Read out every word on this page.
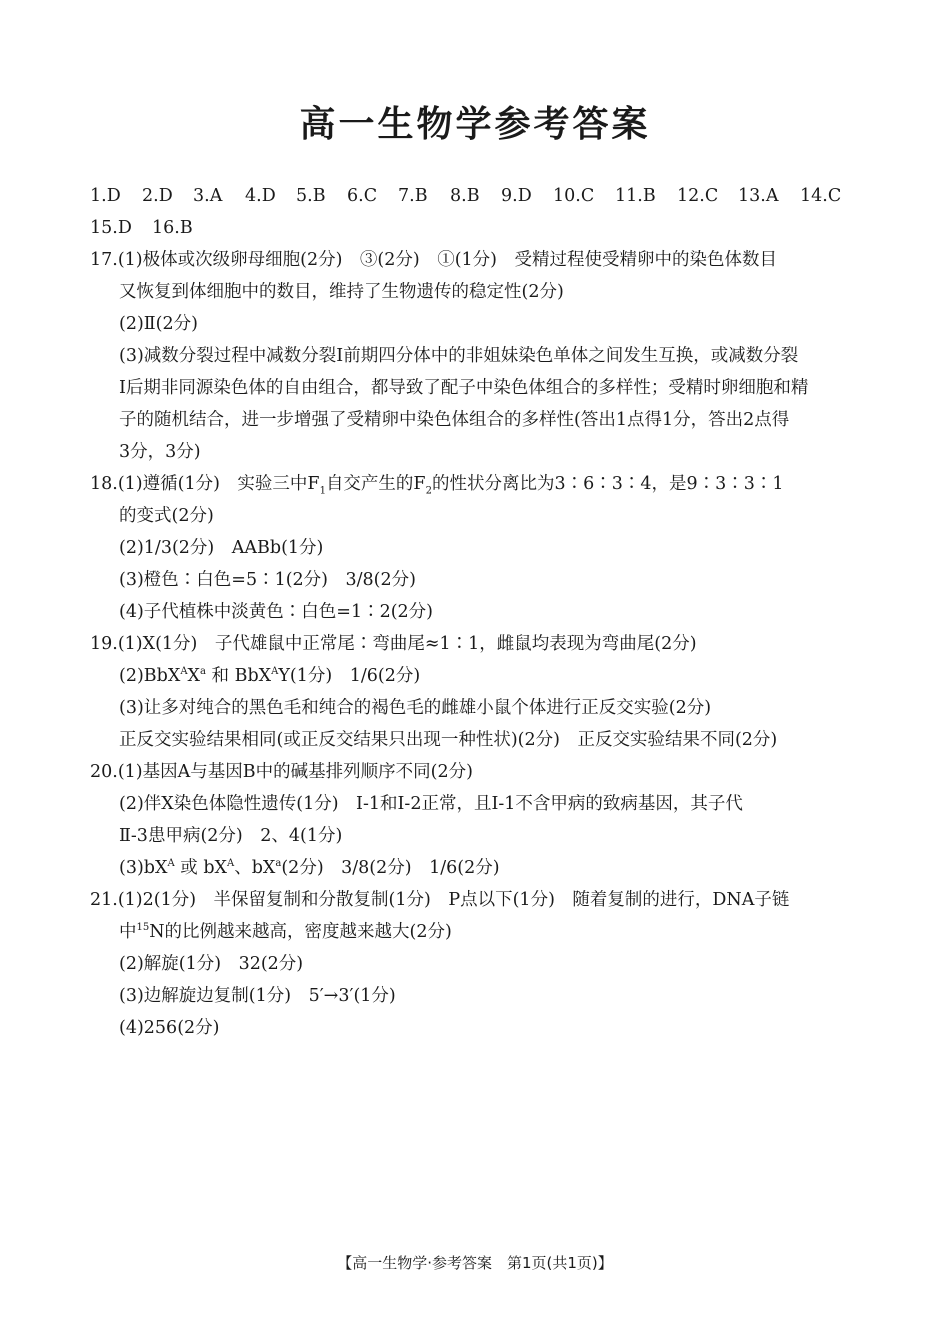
高一生物学参考答案
1.D 2.D 3.A 4.D 5.B 6.C 7.B 8.B 9.D 10.C 11.B 12.C 13.A 14.C
15.D 16.B
17.(1)极体或次级卵母细胞(2分)　③(2分)　①(1分)　受精过程使受精卵中的染色体数目
又恢复到体细胞中的数目，维持了生物遗传的稳定性(2分)
(2)Ⅱ(2分)
(3)减数分裂过程中减数分裂Ⅰ前期四分体中的非姐妹染色单体之间发生互换，或减数分裂
Ⅰ后期非同源染色体的自由组合，都导致了配子中染色体组合的多样性；受精时卵细胞和精
子的随机结合，进一步增强了受精卵中染色体组合的多样性(答出1点得1分，答出2点得
3分，3分)
18.(1)遵循(1分)　实验三中$F_1$自交产生的$F_2$的性状分离比为3∶6∶3∶4，是9∶3∶3∶1
的变式(2分)
(2)1/3(2分)　AABb(1分)
(3)橙色∶白色=5∶1(2分)　3/8(2分)
(4)子代植株中淡黄色∶白色=1∶2(2分)
19.(1)X(1分)　子代雄鼠中正常尾∶弯曲尾≈1∶1，雌鼠均表现为弯曲尾(2分)
$(2)BbX^AX^a$ 和 BbX$^A$Y(1分)　1/6(2分)
(3)让多对纯合的黑色毛和纯合的褐色毛的雌雄小鼠个体进行正反交实验(2分)
正反交实验结果相同(或正反交结果只出现一种性状)(2分)　正反交实验结果不同(2分)
20.(1)基因A与基因B中的碱基排列顺序不同(2分)
(2)伴X染色体隐性遗传(1分)　Ⅰ-1和Ⅰ-2正常，且Ⅰ-1不含甲病的致病基因，其子代
Ⅱ-3患甲病(2分)　2、4(1分)
$(3)bX^A$ 或 $bX^A$、$bX^a(2$分)　3/8(2分)　1/6(2分)
21.(1)2(1分)　半保留复制和分散复制(1分)　P点以下(1分)　随着复制的进行，DNA子链
中$^{15}$N的比例越来越高，密度越来越大(2分)
(2)解旋(1分)　32(2分)
(3)边解旋边复制(1分)　5′→3′(1分)
(4)256(2分)
【高一生物学·参考答案　第1页(共1页)】
